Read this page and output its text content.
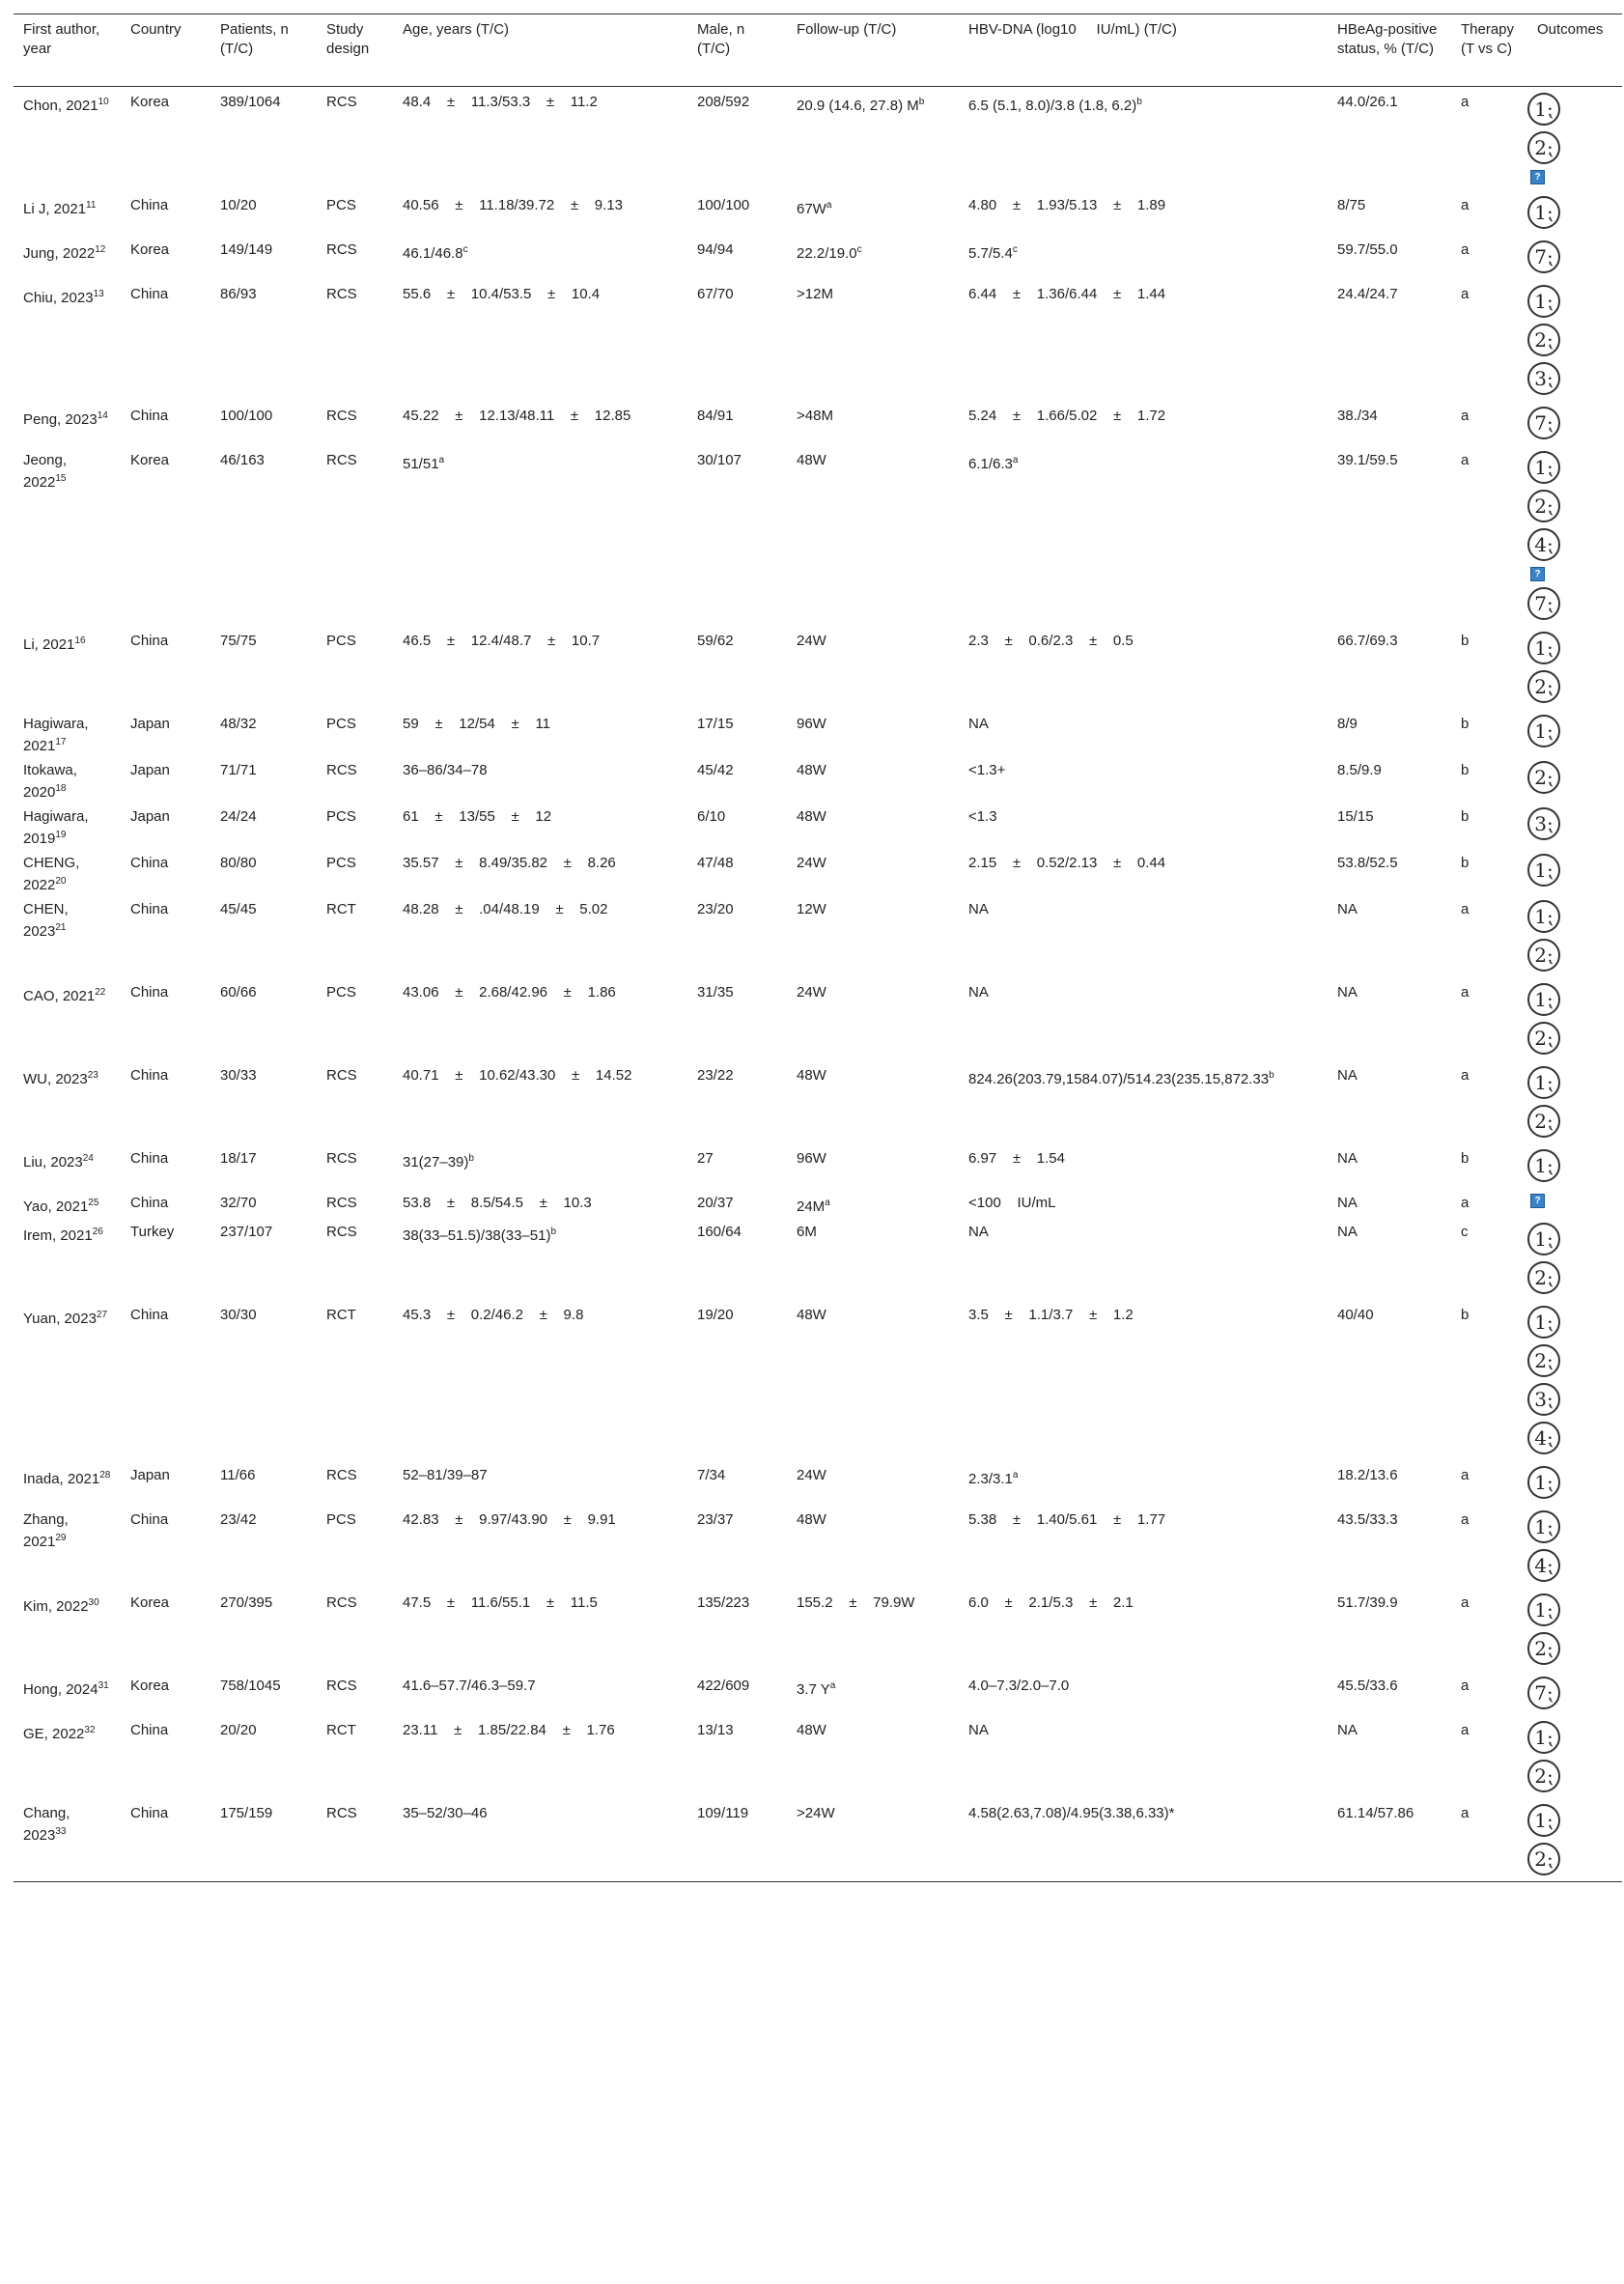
First author, year	Country	Patients, n (T/C)	Study design	Age, years (T/C)	Male, n (T/C)	Follow-up (T/C)	HBV-DNA (log10     IU/mL) (T/C)	HBeAg-positive status, % (T/C)	Therapy (T vs C)	Outcomes
Chon, 2021$^{10}$	Korea	389/1064	RCS	48.4    ±    11.3/53.3    ±    11.2	208/592	20.9 (14.6, 27.8) $M^b$	6.5 (5.1, 8.0)/3.8 (1.8, 6.2)$^b$	44.0/26.1	a	1⁏
2⁏
?

Li J, 2021$^{11}$	China	10/20	PCS	40.56    ±    11.18/39.72    ±    9.13	100/100	$67W^a$	4.80    ±    1.93/5.13    ±    1.89	8/75	a	1⁏

Jung, 2022$^{12}$	Korea	149/149	RCS	46.1/46.8$^c$	94/94	22.2/19.0$^c$	5.7/5.4$^c$	59.7/55.0	a	7⁏

Chiu, 2023$^{13}$	China	86/93	RCS	55.6    ±    10.4/53.5    ±    10.4	67/70	>12M	6.44    ±    1.36/6.44    ±    1.44	24.4/24.7	a	1⁏
2⁏
3⁏

Peng, 2023$^{14}$	China	100/100	RCS	45.22    ±    12.13/48.11    ±    12.85	84/91	>48M	5.24    ±    1.66/5.02    ±    1.72	38./34	a	7⁏

Jeong, 2022$^{15}$	Korea	46/163	RCS	51/51$^a$	30/107	48W	6.1/6.3$^a$	39.1/59.5	a	1⁏
2⁏
4⁏
?
7⁏

Li, 2021$^{16}$	China	75/75	PCS	46.5    ±    12.4/48.7    ±    10.7	59/62	24W	2.3    ±    0.6/2.3    ±    0.5	66.7/69.3	b	1⁏
2⁏

Hagiwara, 2021$^{17}$	Japan	48/32	PCS	59    ±    12/54    ±    11	17/15	96W	NA	8/9	b	1⁏

Itokawa, 2020$^{18}$	Japan	71/71	RCS	36–86/34–78	45/42	48W	<1.3+	8.5/9.9	b	2⁏

Hagiwara, 2019$^{19}$	Japan	24/24	PCS	61    ±    13/55    ±    12	6/10	48W	<1.3	15/15	b	3⁏

CHENG, 2022$^{20}$	China	80/80	PCS	35.57    ±    8.49/35.82    ±    8.26	47/48	24W	2.15    ±    0.52/2.13    ±    0.44	53.8/52.5	b	1⁏

CHEN, 2023$^{21}$	China	45/45	RCT	48.28    ±    .04/48.19    ±    5.02	23/20	12W	NA	NA	a	1⁏
2⁏

CAO, 2021$^{22}$	China	60/66	PCS	43.06    ±    2.68/42.96    ±    1.86	31/35	24W	NA	NA	a	1⁏
2⁏

WU, 2023$^{23}$	China	30/33	RCS	40.71    ±    10.62/43.30    ±    14.52	23/22	48W	824.26(203.79,1584.07)/514.23(235.15,872.33$^b$	NA	a	1⁏
2⁏

Liu, 2023$^{24}$	China	18/17	RCS	$31(27-39)^b$	27	96W	6.97    ±    1.54	NA	b	1⁏

Yao, 2021$^{25}$	China	32/70	RCS	53.8    ±    8.5/54.5    ±    10.3	20/37	$24M^a$	<100    IU/mL	NA	a	?

Irem, 2021$^{26}$	Turkey	237/107	RCS	$38(33-51.5)/38(33-51)^b$	160/64	6M	NA	NA	c	1⁏
2⁏

Yuan, 2023$^{27}$	China	30/30	RCT	45.3    ±    0.2/46.2    ±    9.8	19/20	48W	3.5    ±    1.1/3.7    ±    1.2	40/40	b	1⁏
2⁏
3⁏
4⁏

Inada, 2021$^{28}$	Japan	11/66	RCS	52–81/39–87	7/34	24W	2.3/3.1$^a$	18.2/13.6	a	1⁏

Zhang, 2021$^{29}$	China	23/42	PCS	42.83    ±    9.97/43.90    ±    9.91	23/37	48W	5.38    ±    1.40/5.61    ±    1.77	43.5/33.3	a	1⁏
4⁏

Kim, 2022$^{30}$	Korea	270/395	RCS	47.5    ±    11.6/55.1    ±    11.5	135/223	155.2    ±    79.9W	6.0    ±    2.1/5.3    ±    2.1	51.7/39.9	a	1⁏
2⁏

Hong, 2024$^{31}$	Korea	758/1045	RCS	41.6–57.7/46.3–59.7	422/609	3.7 $Y^a$	4.0–7.3/2.0–7.0	45.5/33.6	a	7⁏

GE, 2022$^{32}$	China	20/20	RCT	23.11    ±    1.85/22.84    ±    1.76	13/13	48W	NA	NA	a	1⁏
2⁏

Chang, 2023$^{33}$	China	175/159	RCS	35–52/30–46	109/119	>24W	4.58(2.63,7.08)/4.95(3.38,6.33)*	61.14/57.86	a	1⁏
2⁏
